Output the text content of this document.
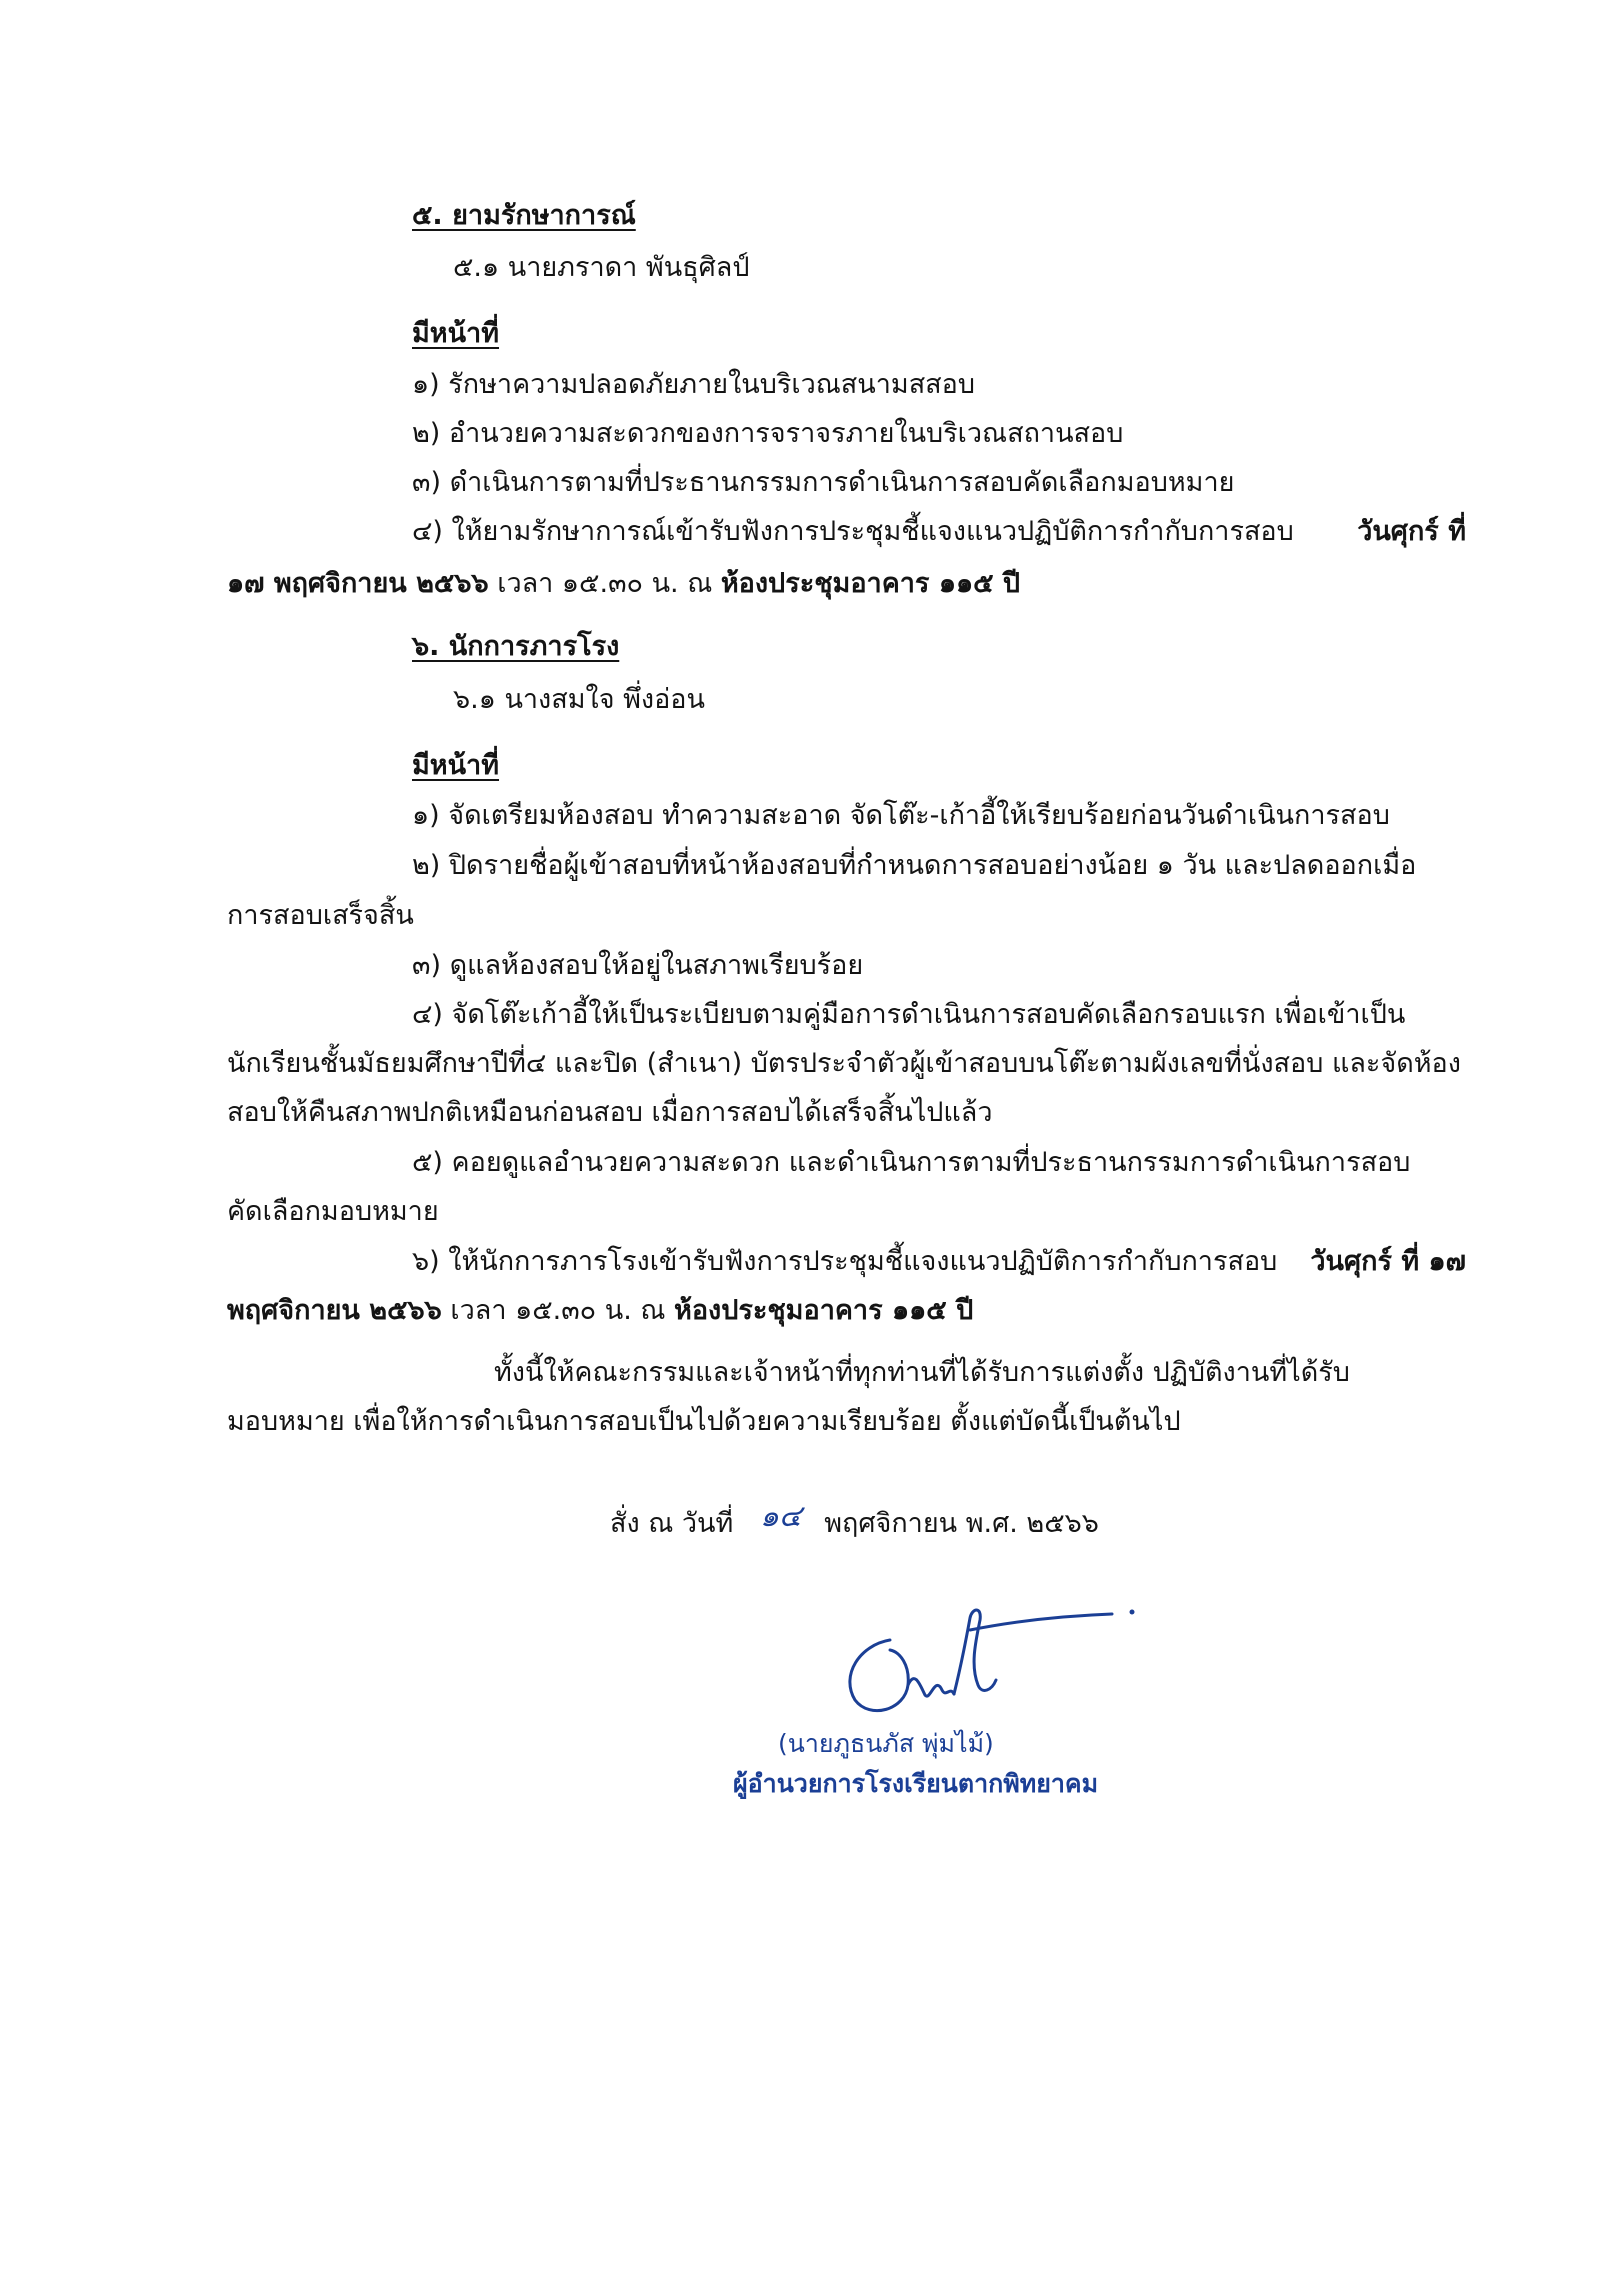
๕. ยามรักษาการณ์
๕.๑ นายภราดา พันธุศิลป์
มีหน้าที่
๑) รักษาความปลอดภัยภายในบริเวณสนามสสอบ
๒) อำนวยความสะดวกของการจราจรภายในบริเวณสถานสอบ
๓) ดำเนินการตามที่ประธานกรรมการดำเนินการสอบคัดเลือกมอบหมาย
๔) ให้ยามรักษาการณ์เข้ารับฟังการประชุมชี้แจงแนวปฏิบัติการกำกับการสอบ วันศุกร์ ที่
๑๗ พฤศจิกายน ๒๕๖๖ เวลา ๑๕.๓๐ น. ณ ห้องประชุมอาคาร ๑๑๕ ปี
๖. นักการภารโรง
๖.๑ นางสมใจ พึ่งอ่อน
มีหน้าที่
๑) จัดเตรียมห้องสอบ ทำความสะอาด จัดโต๊ะ-เก้าอี้ให้เรียบร้อยก่อนวันดำเนินการสอบ
๒) ปิดรายชื่อผู้เข้าสอบที่หน้าห้องสอบที่กำหนดการสอบอย่างน้อย ๑ วัน และปลดออกเมื่อ
การสอบเสร็จสิ้น
๓) ดูแลห้องสอบให้อยู่ในสภาพเรียบร้อย
๔) จัดโต๊ะเก้าอี้ให้เป็นระเบียบตามคู่มือการดำเนินการสอบคัดเลือกรอบแรก เพื่อเข้าเป็น
นักเรียนชั้นมัธยมศึกษาปีที่๔ และปิด (สำเนา) บัตรประจำตัวผู้เข้าสอบบนโต๊ะตามผังเลขที่นั่งสอบ และจัดห้อง
สอบให้คืนสภาพปกติเหมือนก่อนสอบ เมื่อการสอบได้เสร็จสิ้นไปแล้ว
๕) คอยดูแลอำนวยความสะดวก และดำเนินการตามที่ประธานกรรมการดำเนินการสอบ
คัดเลือกมอบหมาย
๖) ให้นักการภารโรงเข้ารับฟังการประชุมชี้แจงแนวปฏิบัติการกำกับการสอบ วันศุกร์ ที่ ๑๗
พฤศจิกายน ๒๕๖๖ เวลา ๑๕.๓๐ น. ณ ห้องประชุมอาคาร ๑๑๕ ปี
ทั้งนี้ให้คณะกรรมและเจ้าหน้าที่ทุกท่านที่ได้รับการแต่งตั้ง ปฏิบัติงานที่ได้รับ
มอบหมาย เพื่อให้การดำเนินการสอบเป็นไปด้วยความเรียบร้อย ตั้งแต่บัดนี้เป็นต้นไป
สั่ง ณ วันที่ ๑๔ พฤศจิกายน พ.ศ. ๒๕๖๖
(นายภูธนภัส พุ่มไม้)
ผู้อำนวยการโรงเรียนตากพิทยาคม
